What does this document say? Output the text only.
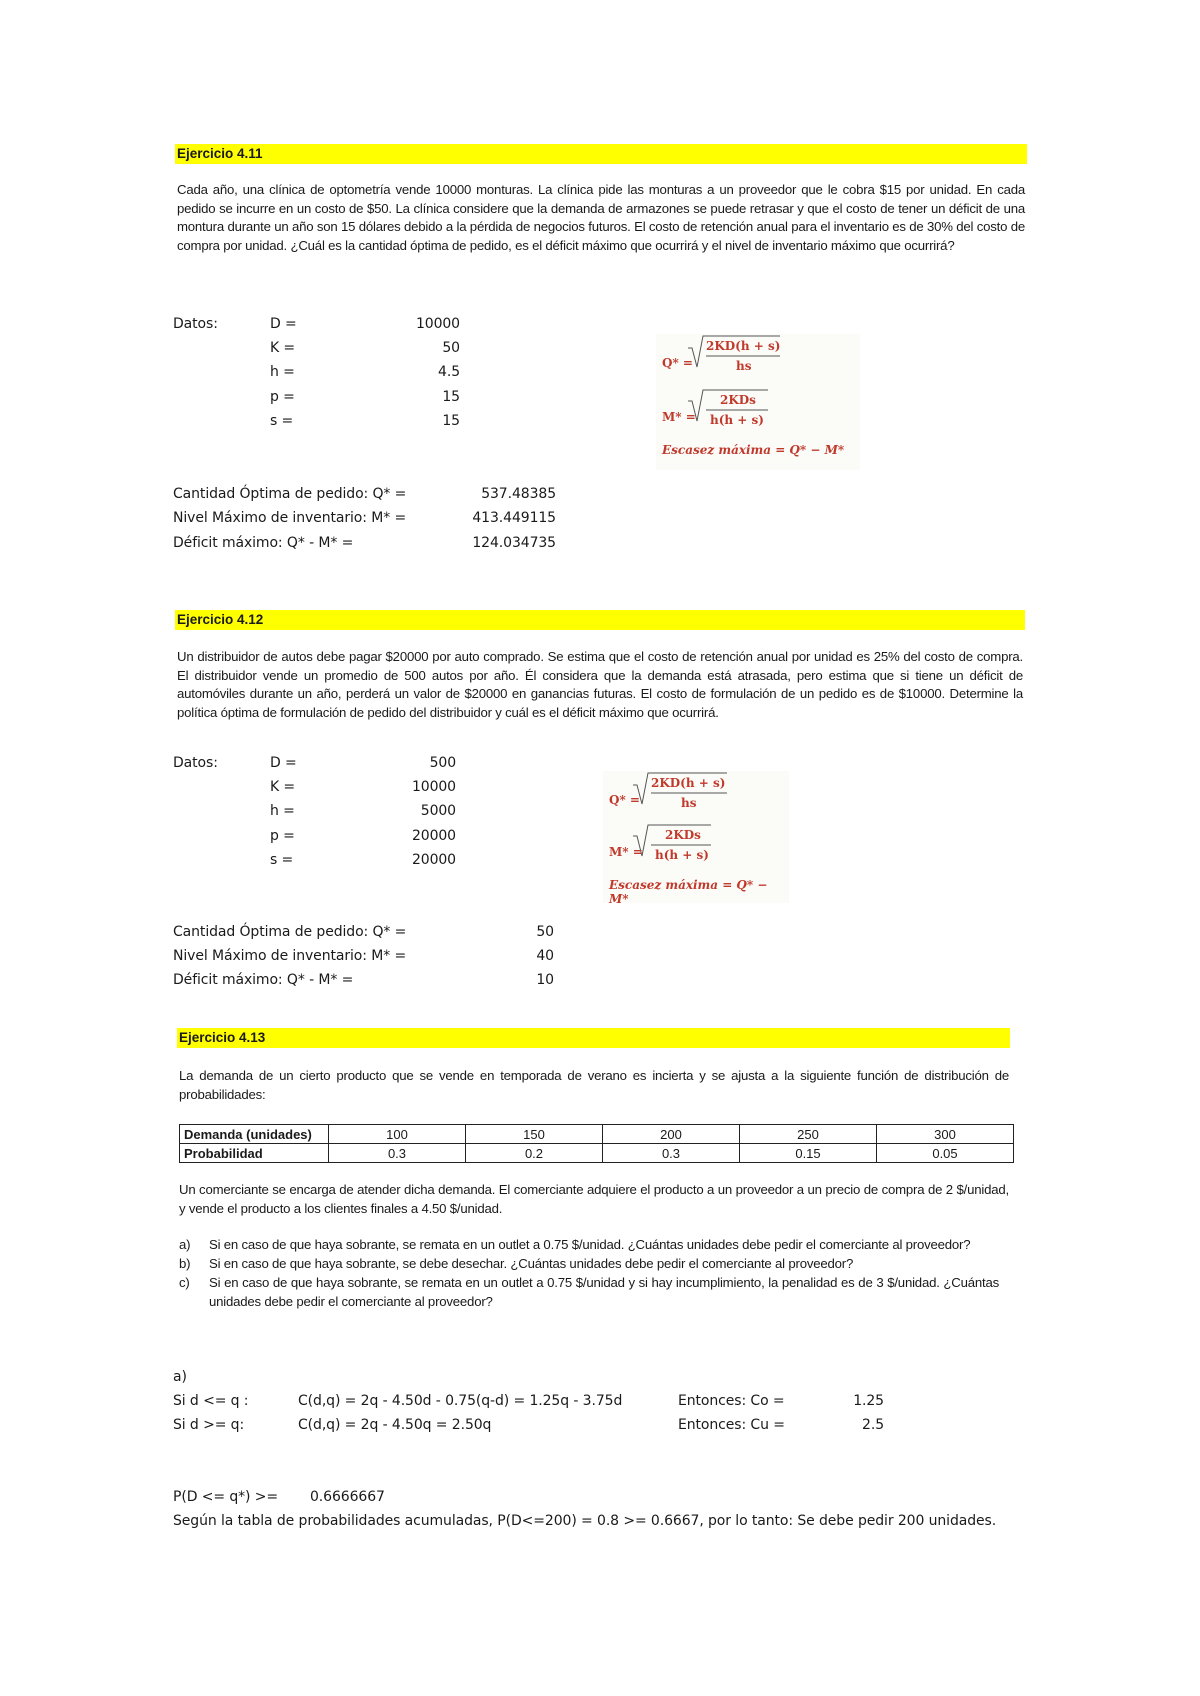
Ejercicio 4.11

Cada año, una clínica de optometría vende 10000 monturas. La clínica pide las monturas a un proveedor que le cobra $15 por unidad. En cada pedido se incurre en un costo de $50. La clínica considere que la demanda de armazones se puede retrasar y que el costo de tener un déficit de una montura durante un año son 15 dólares debido a la pérdida de negocios futuros. El costo de retención anual para el inventario es de 30% del costo de compra por unidad. ¿Cuál es la cantidad óptima de pedido, es el déficit máximo que ocurrirá y el nivel de inventario máximo que ocurrirá?

Datos:	D =	10000
K =	50
h =	4.5
p =	15
s =	15
Q* =
2KD(h + s)
hs
M* =
2KDs
h(h + s)
Escasez máxima = Q* − M*
Cantidad Óptima de pedido: Q* =	537.48385
Nivel Máximo de inventario: M* =	413.449115
Déficit máximo: Q* - M* =	124.034735
Ejercicio 4.12

Un distribuidor de autos debe pagar $20000 por auto comprado. Se estima que el costo de retención anual por unidad es 25% del costo de compra. El distribuidor vende un promedio de 500 autos por año. Él considera que la demanda está atrasada, pero estima que si tiene un déficit de automóviles durante un año, perderá un valor de $20000 en ganancias futuras. El costo de formulación de un pedido es de $10000. Determine la política óptima de formulación de pedido del distribuidor y cuál es el déficit máximo que ocurrirá.

Datos:	D =	500
K =	10000
h =	5000
p =	20000
s =	20000
Q* =
2KD(h + s)
hs
M* =
2KDs
h(h + s)
Escasez máxima = Q* − M*
Cantidad Óptima de pedido: Q* =	50
Nivel Máximo de inventario: M* =	40
Déficit máximo: Q* - M* =	10
Ejercicio 4.13

La demanda de un cierto producto que se vende en temporada de verano es incierta y se ajusta a la siguiente función de distribución de probabilidades:

Demanda (unidades)	100	150	200	250	300
Probabilidad	0.3	0.2	0.3	0.15	0.05

Un comerciante se encarga de atender dicha demanda. El comerciante adquiere el producto a un proveedor a un precio de compra de 2 $/unidad, y vende el producto a los clientes finales a 4.50 $/unidad.

a) Si en caso de que haya sobrante, se remata en un outlet a 0.75 $/unidad. ¿Cuántas unidades debe pedir el comerciante al proveedor?
b) Si en caso de que haya sobrante, se debe desechar. ¿Cuántas unidades debe pedir el comerciante al proveedor?
c) Si en caso de que haya sobrante, se remata en un outlet a 0.75 $/unidad y si hay incumplimiento, la penalidad es de 3 $/unidad. ¿Cuántas unidades debe pedir el comerciante al proveedor?
a)
Si d <= q :	C(d,q) = 2q - 4.50d - 0.75(q-d) = 1.25q - 3.75d	Entonces: Co =	1.25
Si d >= q:	C(d,q) = 2q - 4.50q = 2.50q	Entonces: Cu =	2.5
P(D <= q*) >= 0.6666667
Según la tabla de probabilidades acumuladas, P(D<=200) = 0.8 >= 0.6667, por lo tanto: Se debe pedir 200 unidades.
